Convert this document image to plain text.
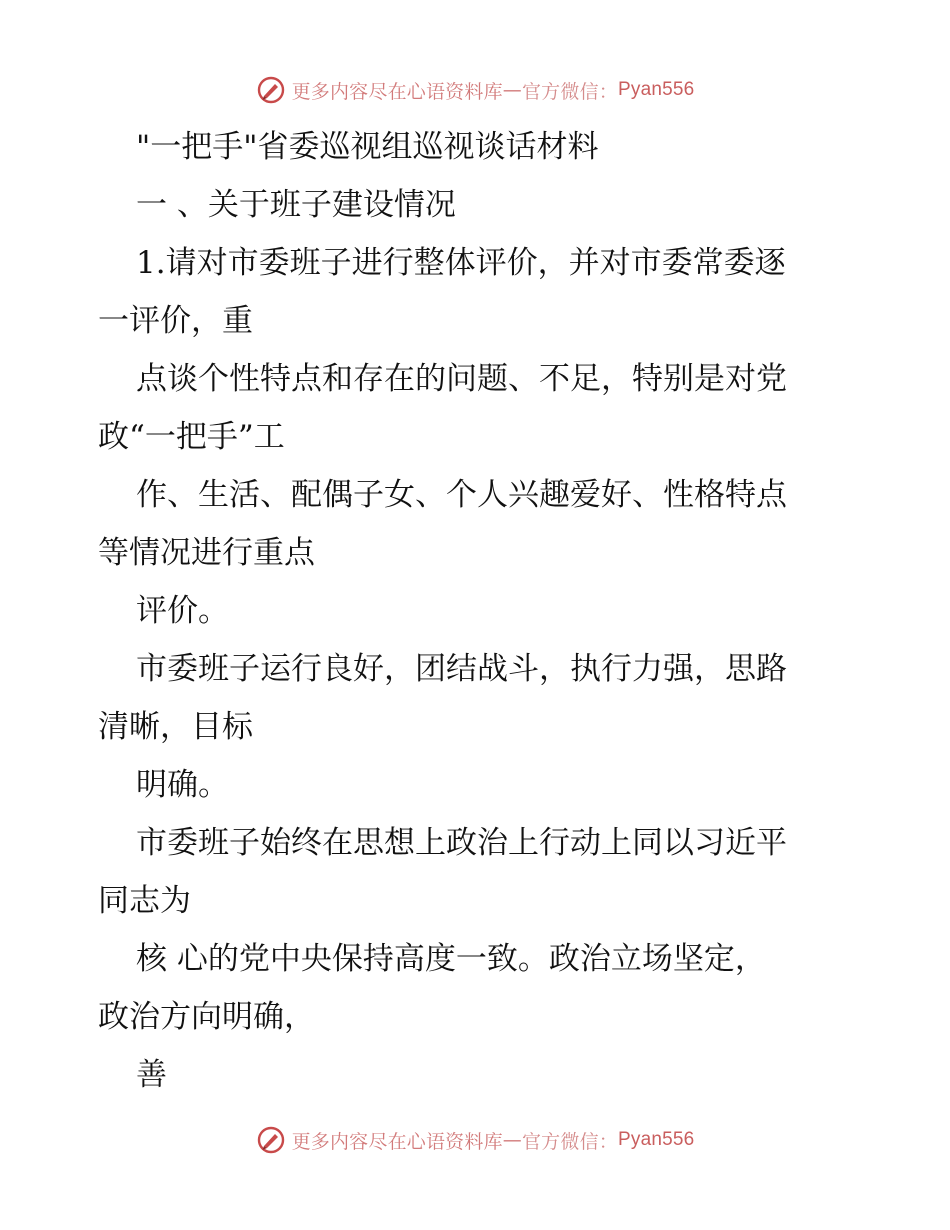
更多内容尽在心语资料库 — 官方微信： Pyan556
"一把手"省委巡视组巡视谈话材料
一 、关于班子建设情况
1.请对市委班子进行整体评价，并对市委常委逐
一评价，重
点谈个性特点和存在的问题、不足，特别是对党
政“一把手”工
作、生活、配偶子女、个人兴趣爱好、性格特点
等情况进行重点
评价。
市委班子运行良好，团结战斗，执行力强，思路
清晰，目标
明确。
市委班子始终在思想上政治上行动上同以习近平
同志为
核 心的党中央保持高度一致。政治立场坚定，
政治方向明确，
善
更多内容尽在心语资料库 — 官方微信： Pyan556
